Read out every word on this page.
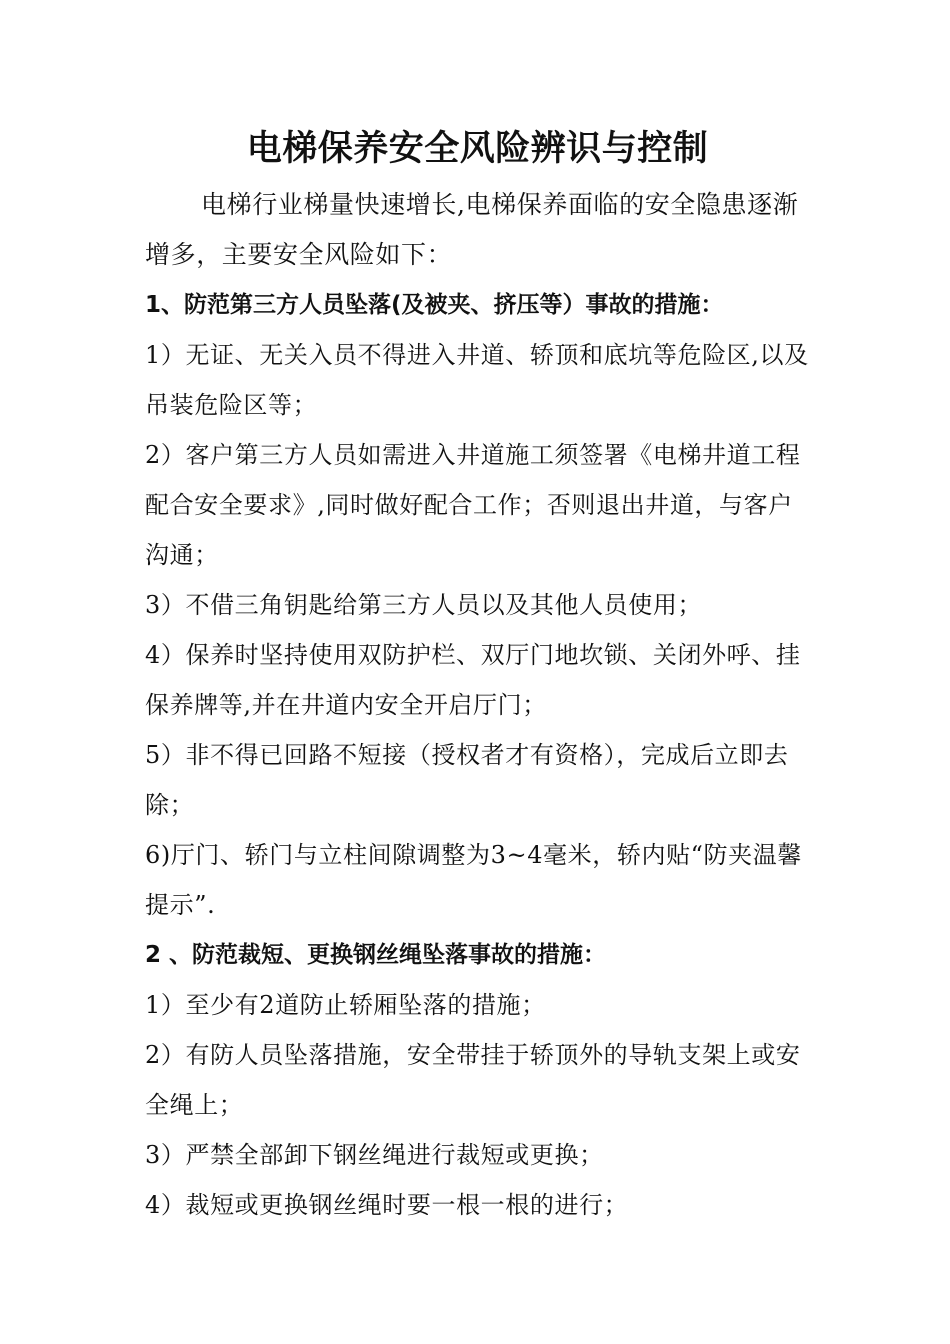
电梯保养安全风险辨识与控制

电梯行业梯量快速增长,电梯保养面临的安全隐患逐渐增多，主要安全风险如下：

1、防范第三方人员坠落(及被夹、挤压等）事故的措施：

1）无证、无关入员不得进入井道、轿顶和底坑等危险区,以及吊装危险区等；

2）客户第三方人员如需进入井道施工须签署《电梯井道工程配合安全要求》,同时做好配合工作；否则退出井道，与客户沟通；

3）不借三角钥匙给第三方人员以及其他人员使用；

4）保养时坚持使用双防护栏、双厅门地坎锁、关闭外呼、挂保养牌等,并在井道内安全开启厅门；

5）非不得已回路不短接（授权者才有资格），完成后立即去除；

6)厅门、轿门与立柱间隙调整为3~4毫米，轿内贴“防夹温馨提示”.

2 、防范裁短、更换钢丝绳坠落事故的措施：

1）至少有2道防止轿厢坠落的措施；

2）有防人员坠落措施，安全带挂于轿顶外的导轨支架上或安全绳上；

3）严禁全部卸下钢丝绳进行裁短或更换；

4）裁短或更换钢丝绳时要一根一根的进行；
